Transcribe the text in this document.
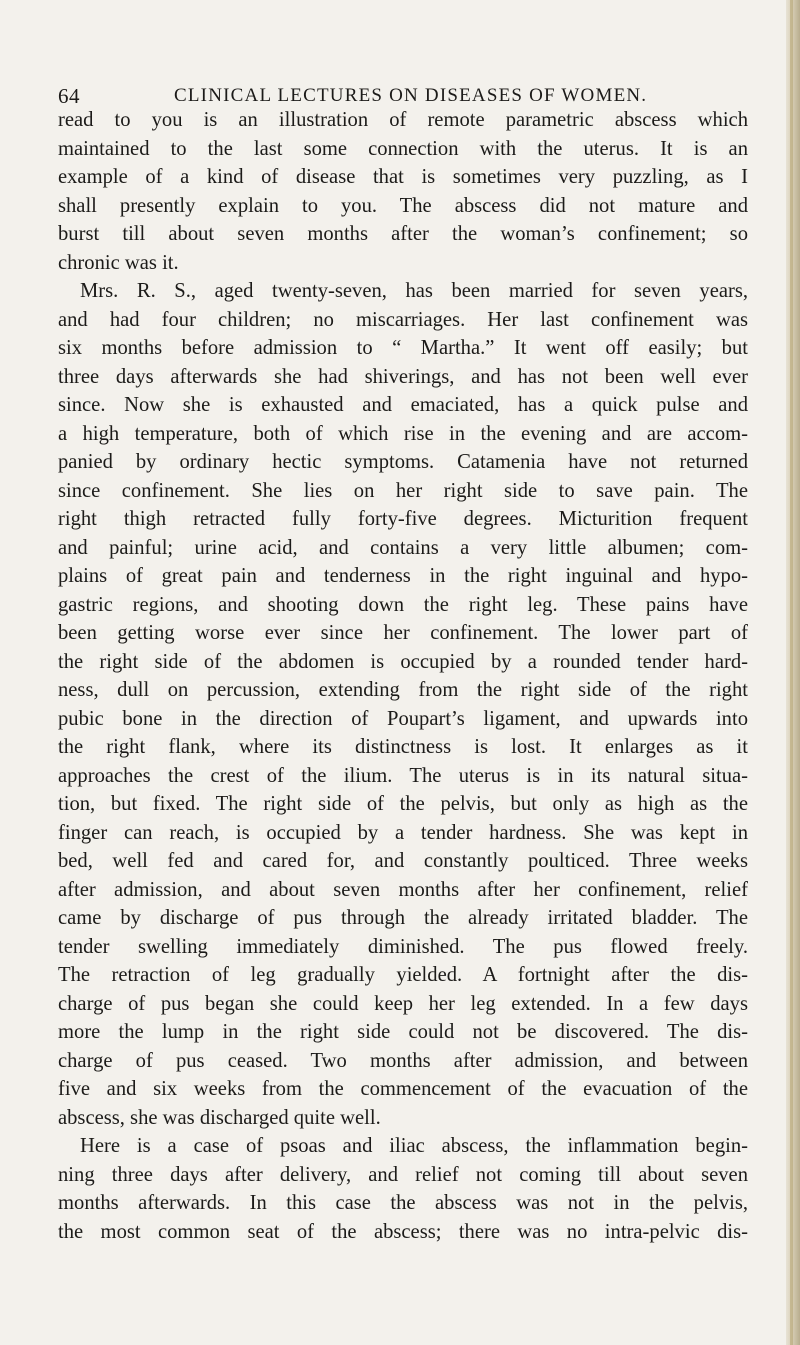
64	CLINICAL LECTURES ON DISEASES OF WOMEN.
read to you is an illustration of remote parametric abscess which
maintained to the last some connection with the uterus. It is an
example of a kind of disease that is sometimes very puzzling, as I
shall presently explain to you. The abscess did not mature and
burst till about seven months after the woman’s confinement; so
chronic was it.
Mrs. R. S., aged twenty-seven, has been married for seven years,
and had four children; no miscarriages. Her last confinement was
six months before admission to “ Martha.” It went off easily; but
three days afterwards she had shiverings, and has not been well ever
since. Now she is exhausted and emaciated, has a quick pulse and
a high temperature, both of which rise in the evening and are accom-
panied by ordinary hectic symptoms. Catamenia have not returned
since confinement. She lies on her right side to save pain. The
right thigh retracted fully forty-five degrees. Micturition frequent
and painful; urine acid, and contains a very little albumen; com-
plains of great pain and tenderness in the right inguinal and hypo-
gastric regions, and shooting down the right leg. These pains have
been getting worse ever since her confinement. The lower part of
the right side of the abdomen is occupied by a rounded tender hard-
ness, dull on percussion, extending from the right side of the right
pubic bone in the direction of Poupart’s ligament, and upwards into
the right flank, where its distinctness is lost. It enlarges as it
approaches the crest of the ilium. The uterus is in its natural situa-
tion, but fixed. The right side of the pelvis, but only as high as the
finger can reach, is occupied by a tender hardness. She was kept in
bed, well fed and cared for, and constantly poulticed. Three weeks
after admission, and about seven months after her confinement, relief
came by discharge of pus through the already irritated bladder. The
tender swelling immediately diminished. The pus flowed freely.
The retraction of leg gradually yielded. A fortnight after the dis-
charge of pus began she could keep her leg extended. In a few days
more the lump in the right side could not be discovered. The dis-
charge of pus ceased. Two months after admission, and between
five and six weeks from the commencement of the evacuation of the
abscess, she was discharged quite well.
Here is a case of psoas and iliac abscess, the inflammation begin-
ning three days after delivery, and relief not coming till about seven
months afterwards. In this case the abscess was not in the pelvis,
the most common seat of the abscess; there was no intra-pelvic dis-
